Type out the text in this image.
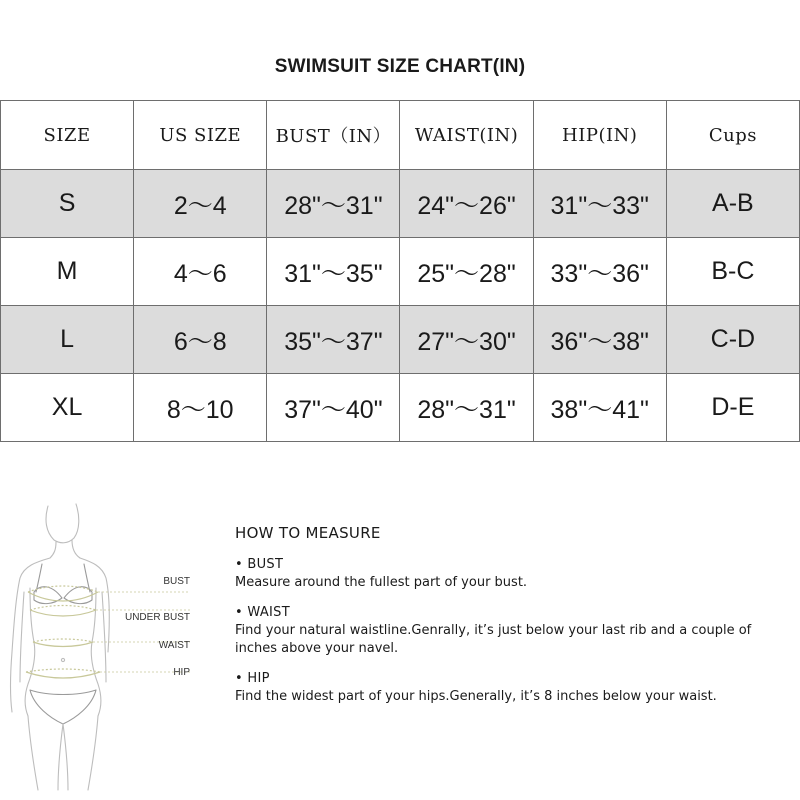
SWIMSUIT SIZE CHART(IN)
SIZE	US SIZE	BUST（IN）	WAIST(IN)	HIP(IN)	Cups
S	2～4	28"～31"	24"～26"	31"～33"	A-B
M	4～6	31"～35"	25"～28"	33"～36"	B-C
L	6～8	35"～37"	27"～30"	36"～38"	C-D
XL	8～10	37"～40"	28"～31"	38"～41"	D-E
BUST
UNDER BUST
WAIST
HIP
HOW TO MEASURE
• BUST
Measure around the fullest part of your bust.
• WAIST
Find your natural waistline.Genrally, it’s just below your last rib and a couple of inches above your navel.
• HIP
Find the widest part of your hips.Generally, it’s 8 inches below your waist.
